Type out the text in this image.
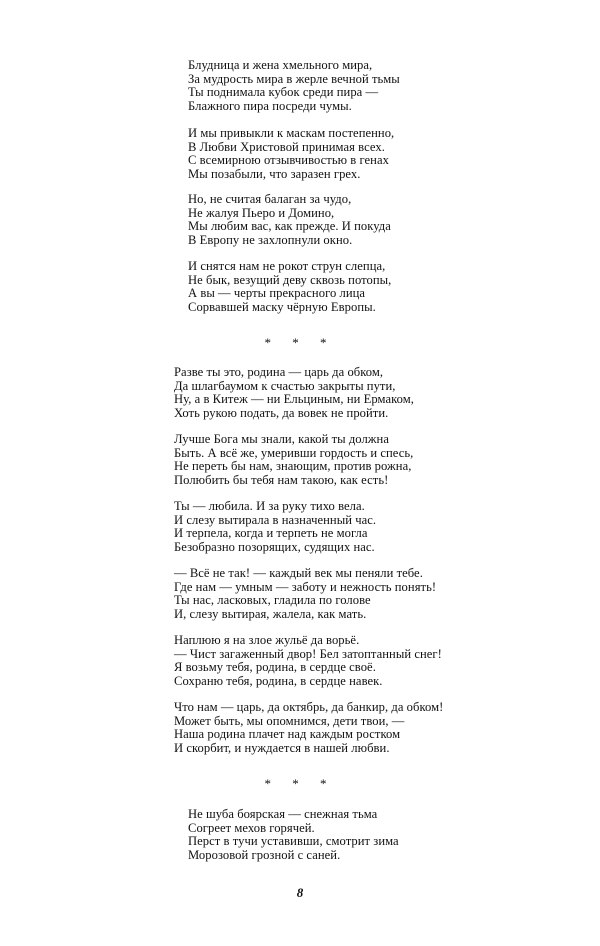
Блудница и жена хмельного мира,
За мудрость мира в жерле вечной тьмы
Ты поднимала кубок среди пира —
Блажного пира посреди чумы.
И мы привыкли к маскам постепенно,
В Любви Христовой принимая всех.
С всемирною отзывчивостью в генах
Мы позабыли, что заразен грех.
Но, не считая балаган за чудо,
Не жалуя Пьеро и Домино,
Мы любим вас, как прежде. И покуда
В Европу не захлопнули окно.
И снятся нам не рокот струн слепца,
Не бык, везущий деву сквозь потопы,
А вы — черты прекрасного лица
Сорвавшей маску чёрную Европы.
* * *
Разве ты это, родина — царь да обком,
Да шлагбаумом к счастью закрыты пути,
Ну, а в Китеж — ни Ельциным, ни Ермаком,
Хоть рукою подать, да вовек не пройти.
Лучше Бога мы знали, какой ты должна
Быть. А всё же, умеривши гордость и спесь,
Не переть бы нам, знающим, против рожна,
Полюбить бы тебя нам такою, как есть!
Ты — любила. И за руку тихо вела.
И слезу вытирала в назначенный час.
И терпела, когда и терпеть не могла
Безобразно позорящих, судящих нас.
— Всё не так! — каждый век мы пеняли тебе.
Где нам — умным — заботу и нежность понять!
Ты нас, ласковых, гладила по голове
И, слезу вытирая, жалела, как мать.
Наплюю я на злое жульё да ворьё.
— Чист загаженный двор! Бел затоптанный снег!
Я возьму тебя, родина, в сердце своё.
Сохраню тебя, родина, в сердце навек.
Что нам — царь, да октябрь, да банкир, да обком!
Может быть, мы опомнимся, дети твои, —
Наша родина плачет над каждым ростком
И скорбит, и нуждается в нашей любви.
* * *
Не шуба боярская — снежная тьма
Согреет мехов горячей.
Перст в тучи уставивши, смотрит зима
Морозовой грозной с саней.
8
